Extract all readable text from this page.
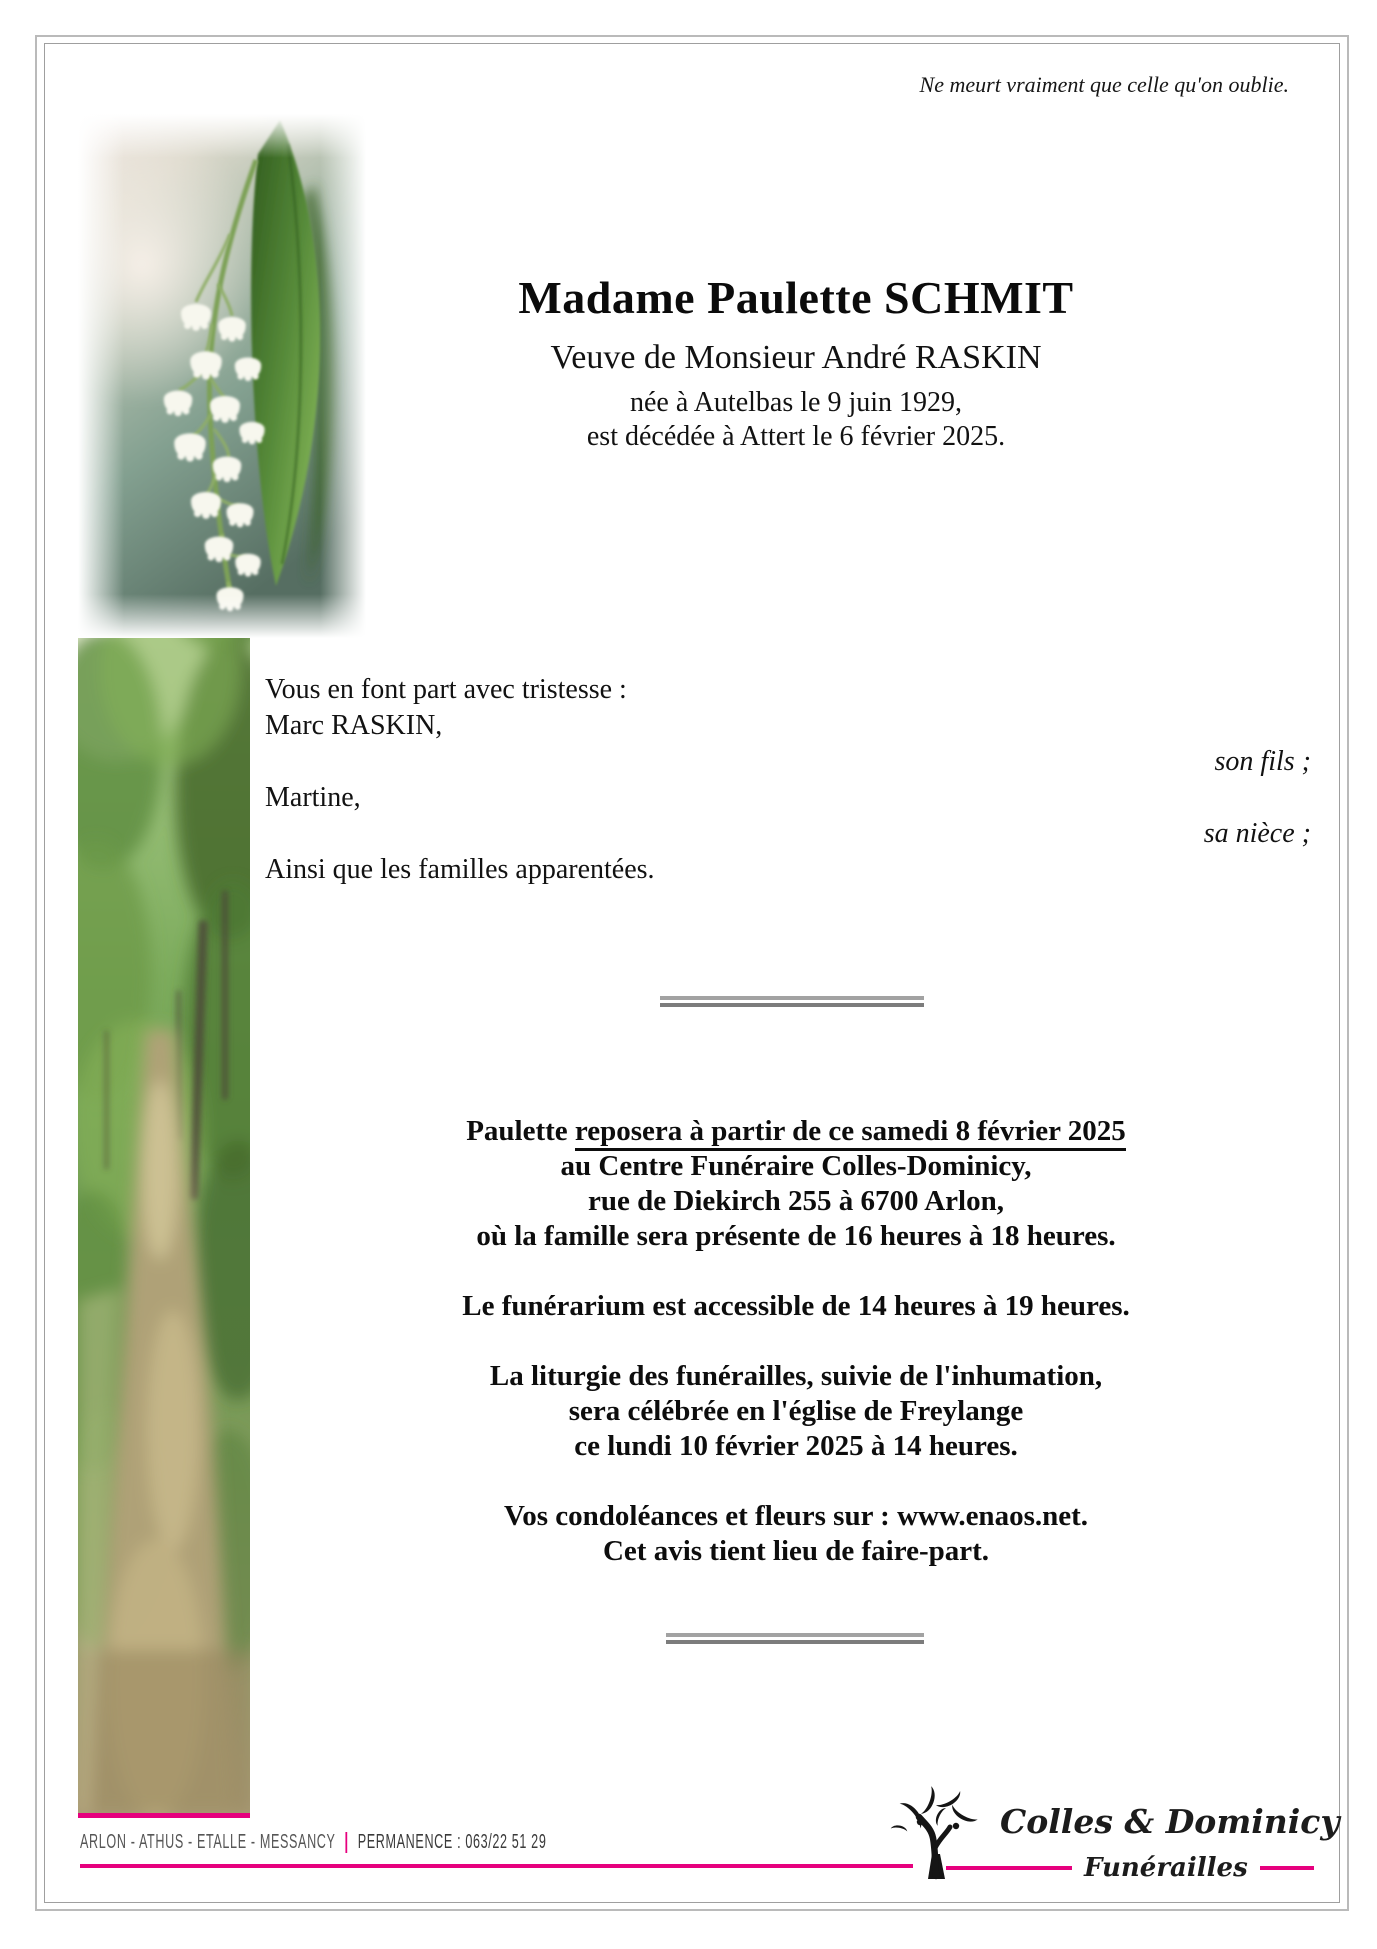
Ne meurt vraiment que celle qu'on oublie.
Madame Paulette SCHMIT
Veuve de Monsieur André RASKIN
née à Autelbas le 9 juin 1929,
est décédée à Attert le 6 février 2025.
Vous en font part avec tristesse :
Marc RASKIN,
son fils ;
Martine,
sa nièce ;
Ainsi que les familles apparentées.
Paulette reposera à partir de ce samedi 8 février 2025
au Centre Funéraire Colles-Dominicy,
rue de Diekirch 255 à 6700 Arlon,
où la famille sera présente de 16 heures à 18 heures.
Le funérarium est accessible de 14 heures à 19 heures.
La liturgie des funérailles, suivie de l'inhumation,
sera célébrée en l'église de Freylange
ce lundi 10 février 2025 à 14 heures.
Vos condoléances et fleurs sur : www.enaos.net.
Cet avis tient lieu de faire-part.
ARLON - ATHUS - ETALLE - MESSANCY | PERMANENCE : 063/22 51 29
Colles & Dominicy
Funérailles
